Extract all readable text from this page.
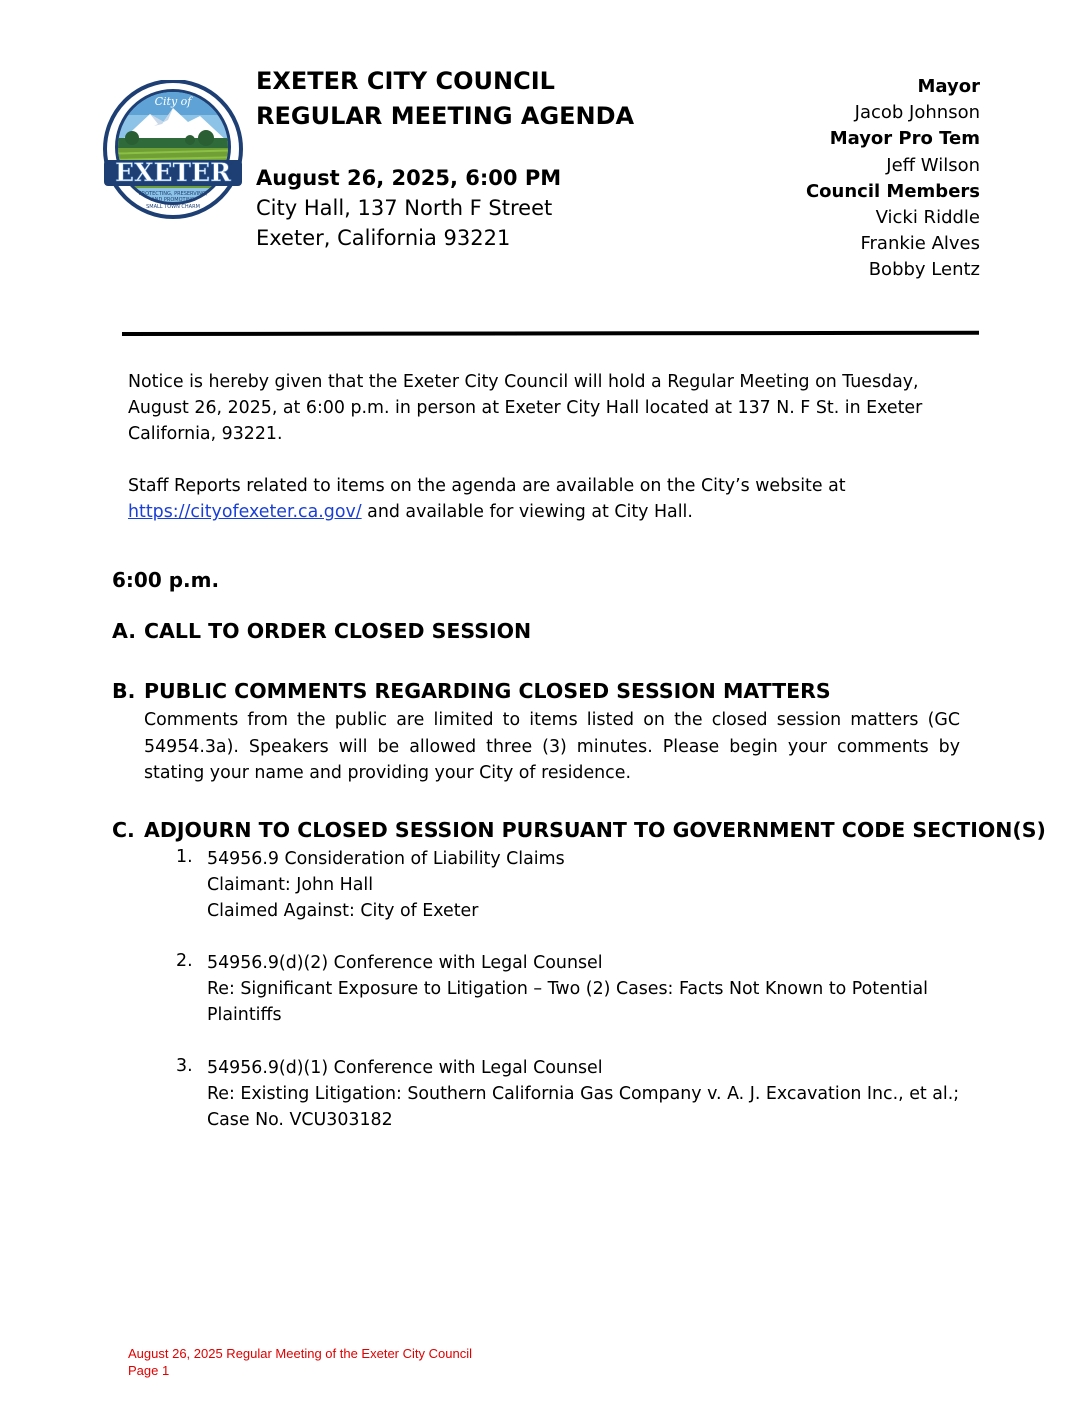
City of
EXETER
PROTECTING, PRESERVING,
AND PROMOTING
SMALL TOWN CHARM
EXETER CITY COUNCIL
REGULAR MEETING AGENDA
August 26, 2025, 6:00 PM
City Hall, 137 North F Street
Exeter, California 93221
Mayor
Jacob Johnson
Mayor Pro Tem
Jeff Wilson
Council Members
Vicki Riddle
Frankie Alves
Bobby Lentz
Notice is hereby given that the Exeter City Council will hold a Regular Meeting on Tuesday, August 26, 2025, at 6:00 p.m. in person at Exeter City Hall located at 137 N. F St. in Exeter California, 93221.
Staff Reports related to items on the agenda are available on the City’s website at
https://cityofexeter.ca.gov/ and available for viewing at City Hall.
6:00 p.m.
A. CALL TO ORDER CLOSED SESSION
B. PUBLIC COMMENTS REGARDING CLOSED SESSION MATTERS
Comments from the public are limited to items listed on the closed session matters (GC 54954.3a). Speakers will be allowed three (3) minutes. Please begin your comments by stating your name and providing your City of residence.
C. ADJOURN TO CLOSED SESSION PURSUANT TO GOVERNMENT CODE SECTION(S)
1. 54956.9 Consideration of Liability Claims
Claimant: John Hall
Claimed Against: City of Exeter
2. 54956.9(d)(2) Conference with Legal Counsel
Re: Significant Exposure to Litigation – Two (2) Cases: Facts Not Known to Potential
Plaintiffs
3. 54956.9(d)(1) Conference with Legal Counsel
Re: Existing Litigation: Southern California Gas Company v. A. J. Excavation Inc., et al.;
Case No. VCU303182
August 26, 2025 Regular Meeting of the Exeter City Council
Page 1
